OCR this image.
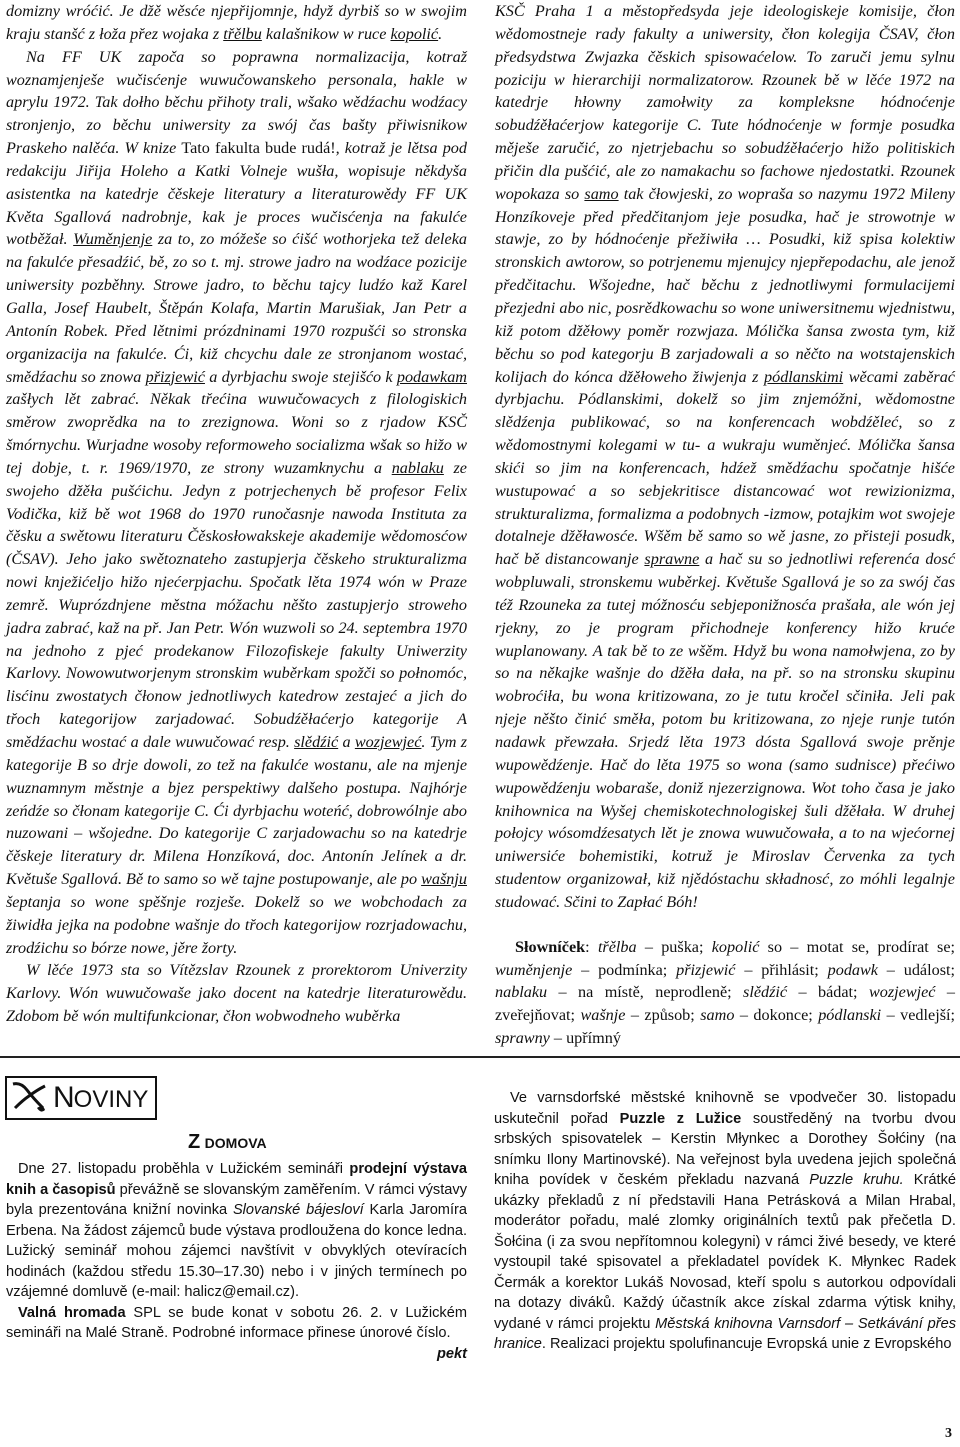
domizny wróćić. Je džě wěsće njepřijomnje, hdyž dyrbiš so w swojim kraju stanšć z łoža přez wojaka z třělbu kalašnikow w ruce kopolić.

Na FF UK započa so poprawna normalizacija, kotraž woznamjenješe wučisćenje wuwučowanskeho personala, hakle w aprylu 1972. Tak dołho běchu přihoty trali, wšako wědźachu wodźacy stronjenjo, zo běchu uniwersity za swój čas bašty přiwisnikow Praskeho nalěća. W knize Tato fakulta bude rudá!, kotraž je lětsa pod redakciju Jiřija Holeho a Katki Volneje wušła, wopisuje někdyša asistentka na katedrje čěskeje literatury a literaturowědy FF UK Květa Sgallová nadrobnje, kak je proces wučisćenja na fakulće wotběžał. Wuměnjenje za to, zo móžeše so ćišć wothorjeka tež deleka na fakulće přesadźić, bě, zo so t. mj. strowe jadro na wodźace pozicije uniwersity pozběhny. Strowe jadro, to běchu tajcy ludźo kaž Karel Galla, Josef Haubelt, Štěpán Kolafa, Martin Marušiak, Jan Petr a Antonín Robek. Před lětnimi prózdninami 1970 rozpušći so stronska organizacija na fakulće. Ći, kiž chcychu dale ze stronjanom wostać, smědźachu so znowa přizjewić a dyrbjachu swoje stejišćo k podawkam zašłych lět zabrać. Někak třećina wuwučowacych z filologiskich směrow zwoprědka na to zrezignowa. Woni so z rjadow KSČ šmórnychu. Wurjadne wosoby reformoweho socializma wšak so hižo w tej dobje, t. r. 1969/1970, ze strony wuzamknychu a nablaku ze swojeho džěła pušćichu. Jedyn z potrjechenych bě profesor Felix Vodička, kiž bě wot 1968 do 1970 runočasnje nawoda Instituta za čěsku a swětowu literaturu Čěskosłowakskeje akademije wědomosćow (ČSAV). Jeho jako swětoznateho zastupjerja čěskeho strukturalizma nowi knježićeljo hižo njećerpjachu. Spočatk lěta 1974 wón w Praze zemrě. Wuprózdnjene městna móžachu něšto zastupjerjo stroweho jadra zabrać, kaž na př. Jan Petr. Wón wuzwoli so 24. septembra 1970 na jednoho z pjeć prodekanow Filozofiskeje fakulty Uniwerzity Karlovy. Nowowutworjenym stronskim wuběrkam spožči so połnomóc, lisćinu zwostatych čłonow jednotliwych katedrow zestajeć a jich do třoch kategorijow zarjadować. Sobudźěłaćerjo kategorije A smědźachu wostać a dale wuwučować resp. slědźić a wozjewjeć. Tym z kategorije B so drje dowoli, zo tež na fakulće wostanu, ale na mjenje wuznamnym městnje a bjez perspektiwy dalšeho postupa. Najhórje zeńdźe so čłonam kategorije C. Ći dyrbjachu woteńć, dobrowólnje abo nuzowani – wšojedne. Do kategorije C zarjadowachu so na katedrje čěskeje literatury dr. Milena Honzíková, doc. Antonín Jelínek a dr. Květuše Sgallová. Bě to samo so wě tajne postupowanje, ale po wašnju šeptanja so wone spěšnje rozješe. Dokelž so we wobchodach za žiwidła jejka na podobne wašnje do třoch kategorijow rozrjadowachu, zrodźichu so bórze nowe, jěre žorty.

W lěće 1973 sta so Vítězslav Rzounek z prorektorom Univerzity Karlovy. Wón wuwučowaše jako docent na katedrje literaturowědu. Zdobom bě wón multifunkcionar, čłon wobwodneho wuběrka

KSČ Praha 1 a městopředsyda jeje ideologiskeje komisije, čłon wědomostneje rady fakulty a uniwersity, čłon kolegija ČSAV, čłon předsydstwa Zwjazka čěskich spisowaćelow. To zaruči jemu sylnu poziciju w hierarchiji normalizatorow. Rzounek bě w lěće 1972 na katedrje hłowny zamołwity za kompleksne hódnoćenje sobudźěłaćerjow kategorije C. Tute hódnoćenje w formje posudka měješe zaručić, zo njetrjebachu so sobudźěłaćerjo hižo politiskich přičin dla pušćić, ale zo namakachu so fachowe njedostatki. Rzounek wopokaza so samo tak čłowjeski, zo wopraša so nazymu 1972 Mileny Honzíkoveje před předčitanjom jeje posudka, hač je strowotnje w stawje, zo by hódnoćenje přežiwiła … Posudki, kiž spisa kolektiw stronskich awtorow, so potrjenemu mjenujcy njepřepodachu, ale jenož předčitachu. Wšojedne, hač běchu z jednotliwymi formulacijemi přezjedni abo nic, posrědkowachu so wone uniwersitnemu wjednistwu, kiž potom džěłowy poměr rozwjaza. Mólička šansa zwosta tym, kiž běchu so pod kategorju B zarjadowali a so něčto na wotstajenskich kolijach do kónca džěłoweho žiwjenja z pódlanskimi wěcami zaběrać dyrbjachu. Pódlanskimi, dokelž so jim znjemóžni, wědomostne slědźenja publikować, so na konferencach wobdźěleć, so z wědomostnymi kolegami w tu- a wukraju wuměnjeć. Mólička šansa skići so jim na konferencach, hdźež smědźachu spočatnje hišće wustupować a so sebjekritisce distancować wot rewizionizma, strukturalizma, formalizma a podobnych -izmow, potajkim wot swojeje dotalneje džěławosće. Wšěm bě samo so wě jasne, zo přisteji posudk, hač bě distancowanje sprawne a hač su so jednotliwi referenća dosć wobpluwali, stronskemu wuběrkej. Květuše Sgallová je so za swój čas též Rzouneka za tutej móžnosću sebjeponižnosća prašała, ale wón jej rjekny, zo je program přichodneje konferency hižo kruće wuplanowany. A tak bě to ze wšěm. Hdyž bu wona namołwjena, zo by so na někajke wašnje do džěła dała, na př. so na stronsku skupinu wobroćiła, bu wona kritizowana, zo je tutu kročel sčiniła. Jeli pak njeje něšto činić směła, potom bu kritizowana, zo njeje runje tutón nadawk přewzała. Srjedź lěta 1973 dósta Sgallová swoje prěnje wupowědźenje. Hač do lěta 1975 so wona (samo sudnisce) přećiwo wupowědźenju wobaraše, doniž njezerzignowa. Wot toho časa je jako knihownica na Wyšej chemiskotechnologiskej šuli džěłała. W druhej połojcy wósomdźesatych lět je znowa wuwučowała, a to na wjećornej uniwersiće bohemistiki, kotruž je Miroslav Červenka za tych studentow organizował, kiž njědóstachu składnosć, zo móhli legalnje studować. Sčini to Zapłać Bóh!

Słowníček: třělba – puška; kopolić so – motat se, prodírat se; wuměnjenje – podmínka; přizjewić – přihlásit; podawk – událost; nablaku – na místě, neprodleně; slědźić – bádat; wozjewjeć – zveřejňovat; wašnje – způsob; samo – dokonce; pódlanski – vedlejší; sprawny – upřímný

NOVINY
Z DOMOVA

Dne 27. listopadu proběhla v Lužickém semináři prodejní výstava knih a časopisů převážně se slovanským zaměřením. V rámci výstavy byla prezentována knižní novinka Slovanské bájesloví Karla Jaromíra Erbena. Na žádost zájemců bude výstava prodloužena do konce ledna. Lužický seminář mohou zájemci navštívit v obvyklých otevíracích hodinách (každou středu 15.30–17.30) nebo i v jiných termínech po vzájemné domluvě (e-mail: halicz@email.cz).

Valná hromada SPL se bude konat v sobotu 26. 2. v Lužickém semináři na Malé Straně. Podrobné informace přinese únorové číslo.
pekt

Ve varnsdorfské městské knihovně se vpodvečer 30. listopadu uskutečnil pořad Puzzle z Lužice soustředěný na tvorbu dvou srbských spisovatelek – Kerstin Młynkec a Dorothey Šołćiny (na snímku Ilony Martinovské). Na veřejnost byla uvedena jejich společná kniha povídek v českém překladu nazvaná Puzzle kruhu. Krátké ukázky překladů z ní představili Hana Petrásková a Milan Hrabal, moderátor pořadu, malé zlomky originálních textů pak přečetla D. Šołćina (i za svou nepřítomnou kolegyni) v rámci živé besedy, ve které vystoupil také spisovatel a překladatel povídek K. Młynkec Radek Čermák a korektor Lukáš Novosad, kteří spolu s autorkou odpovídali na dotazy diváků. Každý účastník akce získal zdarma výtisk knihy, vydané v rámci projektu Městská knihovna Varnsdorf – Setkávání přes hranice. Realizaci projektu spolufinancuje Evropská unie z Evropského

3
